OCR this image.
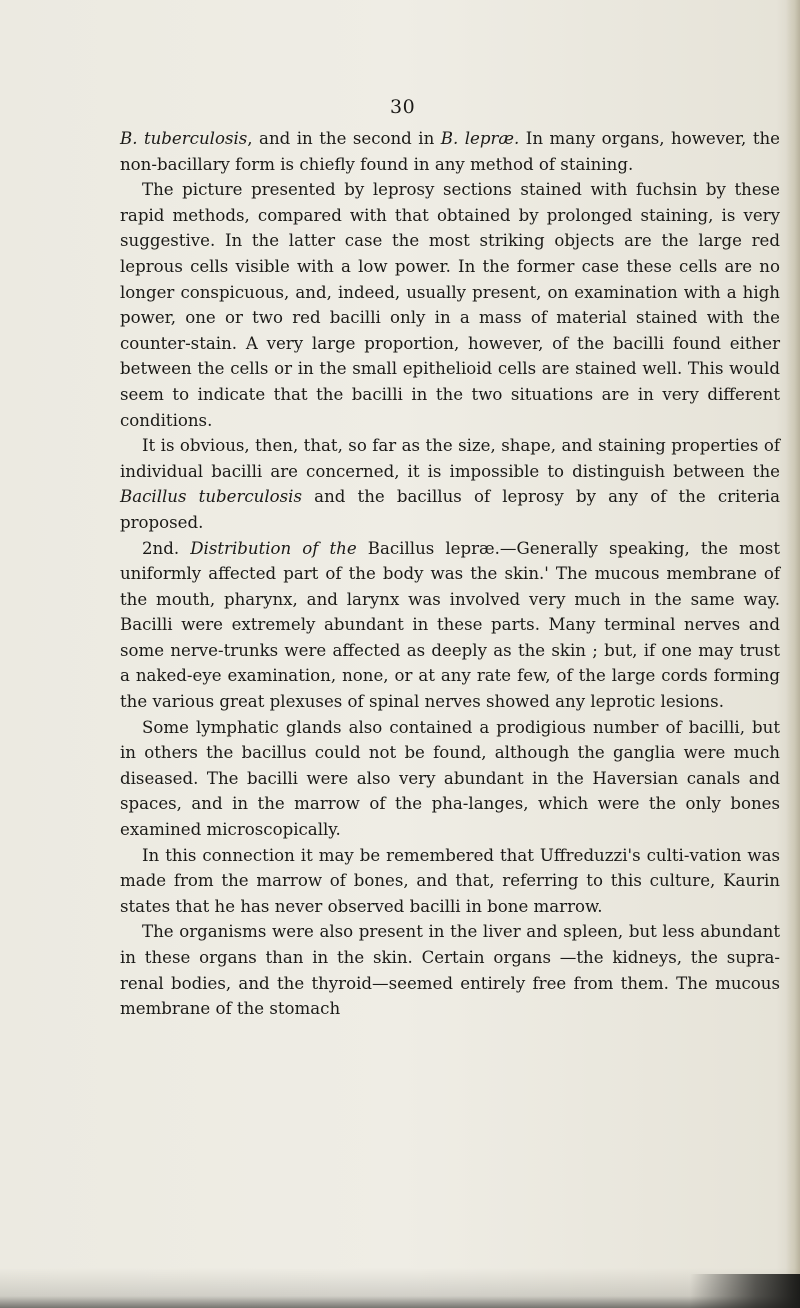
30

B. tuberculosis, and in the second in B. lepræ. In many organs, however, the non-bacillary form is chiefly found in any method of staining.

The picture presented by leprosy sections stained with fuchsin by these rapid methods, compared with that obtained by prolonged staining, is very suggestive. In the latter case the most striking objects are the large red leprous cells visible with a low power. In the former case these cells are no longer conspicuous, and, indeed, usually present, on examination with a high power, one or two red bacilli only in a mass of material stained with the counter-stain. A very large proportion, however, of the bacilli found either between the cells or in the small epithelioid cells are stained well. This would seem to indicate that the bacilli in the two situations are in very different conditions.

It is obvious, then, that, so far as the size, shape, and staining properties of individual bacilli are concerned, it is impossible to distinguish between the Bacillus tuberculosis and the bacillus of leprosy by any of the criteria proposed.

2nd. Distribution of the Bacillus lepræ.—Generally speaking, the most uniformly affected part of the body was the skin.' The mucous membrane of the mouth, pharynx, and larynx was involved very much in the same way. Bacilli were extremely abundant in these parts. Many terminal nerves and some nerve-trunks were affected as deeply as the skin ; but, if one may trust a naked-eye examination, none, or at any rate few, of the large cords forming the various great plexuses of spinal nerves showed any leprotic lesions.

Some lymphatic glands also contained a prodigious number of bacilli, but in others the bacillus could not be found, although the ganglia were much diseased. The bacilli were also very abundant in the Haversian canals and spaces, and in the marrow of the pha-langes, which were the only bones examined microscopically.

In this connection it may be remembered that Uffreduzzi's culti-vation was made from the marrow of bones, and that, referring to this culture, Kaurin states that he has never observed bacilli in bone marrow.

The organisms were also present in the liver and spleen, but less abundant in these organs than in the skin. Certain organs —the kidneys, the supra-renal bodies, and the thyroid—seemed entirely free from them. The mucous membrane of the stomach
